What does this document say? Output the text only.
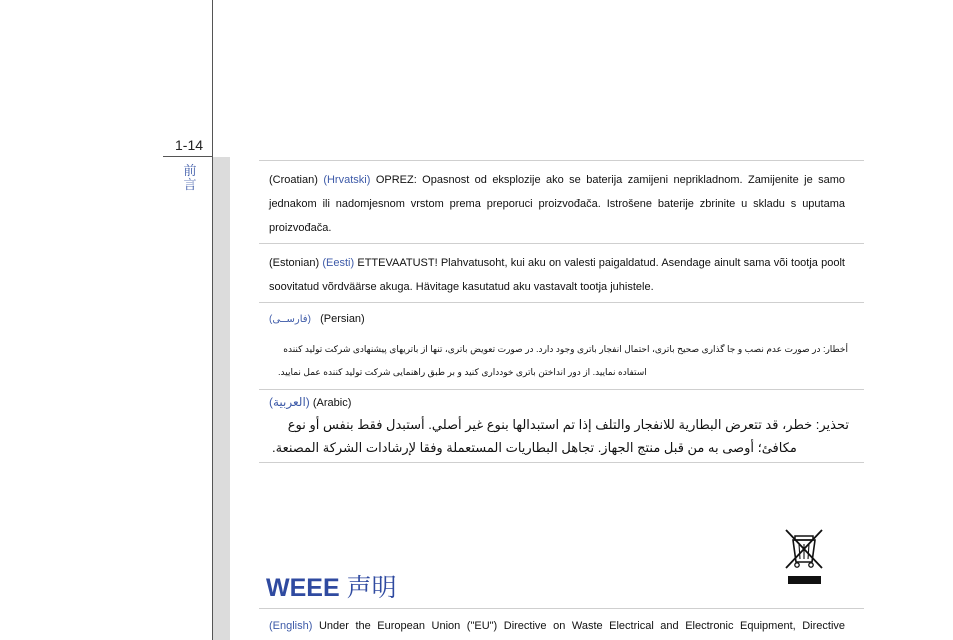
1-14
前言	(Croatian) (Hrvatski) OPREZ: Opasnost od eksplozije ako se baterija zamijeni neprikladnom. Zamijenite je samo jednakom ili nadomjesnom vrstom prema preporuci proizvođača. Istrošene baterije zbrinite u skladu s uputama proizvođača.
(Estonian) (Eesti) ETTEVAATUST! Plahvatusoht, kui aku on valesti paigaldatud. Asendage ainult sama või tootja poolt soovitatud võrdväärse akuga. Hävitage kasutatud aku vastavalt tootja juhistele.
(فارســی) (Persian)
أخطار: در صورت عدم نصب و جا گذاری صحیح باتری، احتمال انفجار باتری وجود دارد. در صورت تعویض باتری، تنها از باتریهای پیشنهادی شرکت تولید کننده استفاده نمایید. از دور انداختن باتری خودداری کنید و بر طبق راهنمایی شرکت تولید کننده عمل نمایید.
(العربية) (Arabic)
تحذير: خطر، قد تتعرض البطارية للانفجار والتلف إذا تم استبدالها بنوع غير أصلي. أستبدل فقط بنفس أو نوع مكافئ؛ أوصى به من قبل منتج الجهاز. تجاهل البطاريات المستعملة وفقا لإرشادات الشركة المصنعة.
WEEE 声明
(English) Under the European Union ("EU") Directive on Waste Electrical and Electronic Equipment, Directive
